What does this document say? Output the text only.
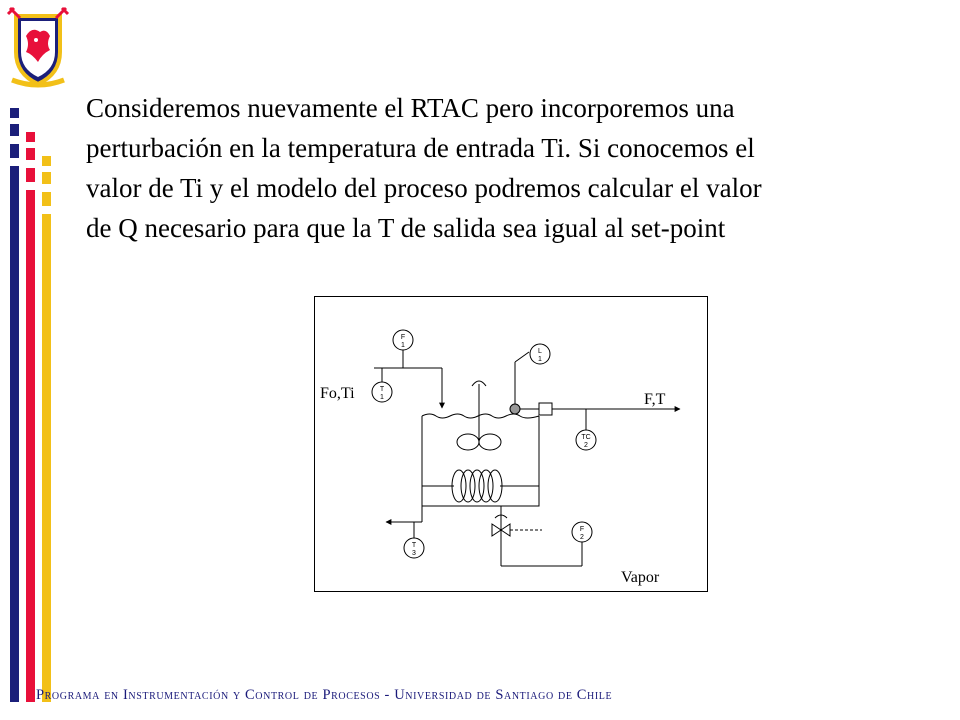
Consideremos nuevamente el RTAC pero incorporemos una

perturbación en la temperatura de entrada Ti. Si conocemos el

valor de Ti y el modelo del proceso podremos calcular el valor

de Q necesario para que la T de salida sea igual al set-point

F
1
T
1
L
1
TC
2
F
2
T
3
Fo,Ti	F,T
Vapor
Programa en Instrumentación y Control de Procesos - Universidad de Santiago de Chile
